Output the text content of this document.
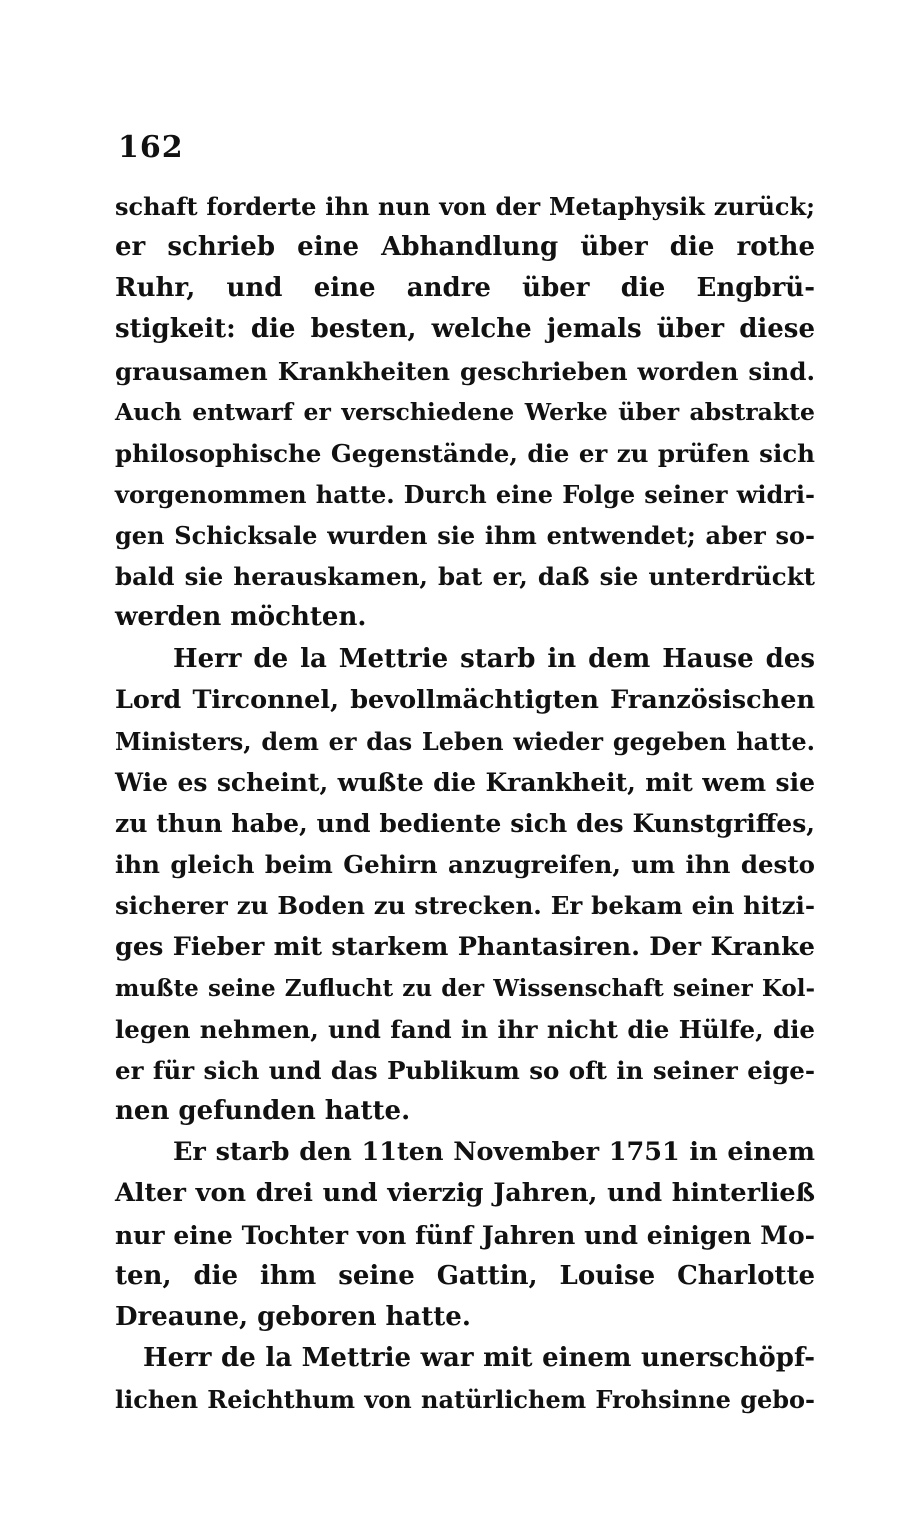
162
schaft forderte ihn nun von der Metaphysik zurück;
er schrieb eine Abhandlung über die rothe
Ruhr, und eine andre über die Engbrü-
stigkeit: die besten, welche jemals über diese
grausamen Krankheiten geschrieben worden sind.
Auch entwarf er verschiedene Werke über abstrakte
philosophische Gegenstände, die er zu prüfen sich
vorgenommen hatte. Durch eine Folge seiner widri-
gen Schicksale wurden sie ihm entwendet; aber so-
bald sie herauskamen, bat er, daß sie unterdrückt
werden möchten.
Herr de la Mettrie starb in dem Hause des
Lord Tirconnel, bevollmächtigten Französischen
Ministers, dem er das Leben wieder gegeben hatte.
Wie es scheint, wußte die Krankheit, mit wem sie
zu thun habe, und bediente sich des Kunstgriffes,
ihn gleich beim Gehirn anzugreifen, um ihn desto
sicherer zu Boden zu strecken. Er bekam ein hitzi-
ges Fieber mit starkem Phantasiren. Der Kranke
mußte seine Zuflucht zu der Wissenschaft seiner Kol-
legen nehmen, und fand in ihr nicht die Hülfe, die
er für sich und das Publikum so oft in seiner eige-
nen gefunden hatte.
Er starb den 11ten November 1751 in einem
Alter von drei und vierzig Jahren, und hinterließ
nur eine Tochter von fünf Jahren und einigen Mo-
ten, die ihm seine Gattin, Louise Charlotte
Dreaune, geboren hatte.
Herr de la Mettrie war mit einem unerschöpf-
lichen Reichthum von natürlichem Frohsinne gebo-
